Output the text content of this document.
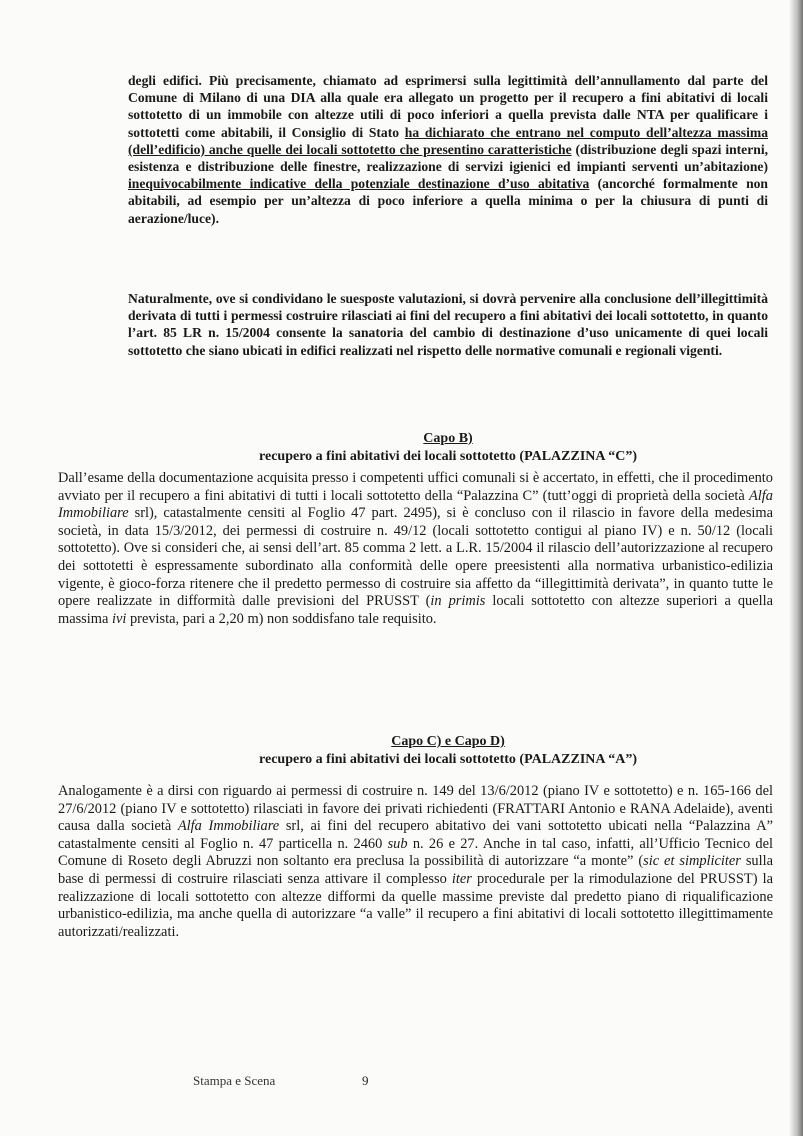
degli edifici. Più precisamente, chiamato ad esprimersi sulla legittimità dell’annullamento dal parte del Comune di Milano di una DIA alla quale era allegato un progetto per il recupero a fini abitativi di locali sottotetto di un immobile con altezze utili di poco inferiori a quella prevista dalle NTA per qualificare i sottotetti come abitabili, il Consiglio di Stato ha dichiarato che entrano nel computo dell’altezza massima (dell’edificio) anche quelle dei locali sottotetto che presentino caratteristiche (distribuzione degli spazi interni, esistenza e distribuzione delle finestre, realizzazione di servizi igienici ed impianti serventi un’abitazione) inequivocabilmente indicative della potenziale destinazione d’uso abitativa (ancorché formalmente non abitabili, ad esempio per un’altezza di poco inferiore a quella minima o per la chiusura di punti di aerazione/luce).

Naturalmente, ove si condividano le suesposte valutazioni, si dovrà pervenire alla conclusione dell’illegittimità derivata di tutti i permessi costruire rilasciati ai fini del recupero a fini abitativi dei locali sottotetto, in quanto l’art. 85 LR n. 15/2004 consente la sanatoria del cambio di destinazione d’uso unicamente di quei locali sottotetto che siano ubicati in edifici realizzati nel rispetto delle normative comunali e regionali vigenti.

Capo B)
recupero a fini abitativi dei locali sottotetto (PALAZZINA “C”)

Dall’esame della documentazione acquisita presso i competenti uffici comunali si è accertato, in effetti, che il procedimento avviato per il recupero a fini abitativi di tutti i locali sottotetto della “Palazzina C” (tutt’oggi di proprietà della società Alfa Immobiliare srl), catastalmente censiti al Foglio 47 part. 2495), si è concluso con il rilascio in favore della medesima società, in data 15/3/2012, dei permessi di costruire n. 49/12 (locali sottotetto contigui al piano IV) e n. 50/12 (locali sottotetto). Ove si consideri che, ai sensi dell’art. 85 comma 2 lett. a L.R. 15/2004 il rilascio dell’autorizzazione al recupero dei sottotetti è espressamente subordinato alla conformità delle opere preesistenti alla normativa urbanistico-edilizia vigente, è gioco-forza ritenere che il predetto permesso di costruire sia affetto da “illegittimità derivata”, in quanto tutte le opere realizzate in difformità dalle previsioni del PRUSST (in primis locali sottotetto con altezze superiori a quella massima ivi prevista, pari a 2,20 m) non soddisfano tale requisito.

Capo C) e Capo D)
recupero a fini abitativi dei locali sottotetto (PALAZZINA “A”)

Analogamente è a dirsi con riguardo ai permessi di costruire n. 149 del 13/6/2012 (piano IV e sottotetto) e n. 165-166 del 27/6/2012 (piano IV e sottotetto) rilasciati in favore dei privati richiedenti (FRATTARI Antonio e RANA Adelaide), aventi causa dalla società Alfa Immobiliare srl, ai fini del recupero abitativo dei vani sottotetto ubicati nella “Palazzina A” catastalmente censiti al Foglio n. 47 particella n. 2460 sub n. 26 e 27. Anche in tal caso, infatti, all’Ufficio Tecnico del Comune di Roseto degli Abruzzi non soltanto era preclusa la possibilità di autorizzare “a monte” (sic et simpliciter sulla base di permessi di costruire rilasciati senza attivare il complesso iter procedurale per la rimodulazione del PRUSST) la realizzazione di locali sottotetto con altezze difformi da quelle massime previste dal predetto piano di riqualificazione urbanistico-edilizia, ma anche quella di autorizzare “a valle” il recupero a fini abitativi di locali sottotetto illegittimamente autorizzati/realizzati.

Stampa e Scena	9
